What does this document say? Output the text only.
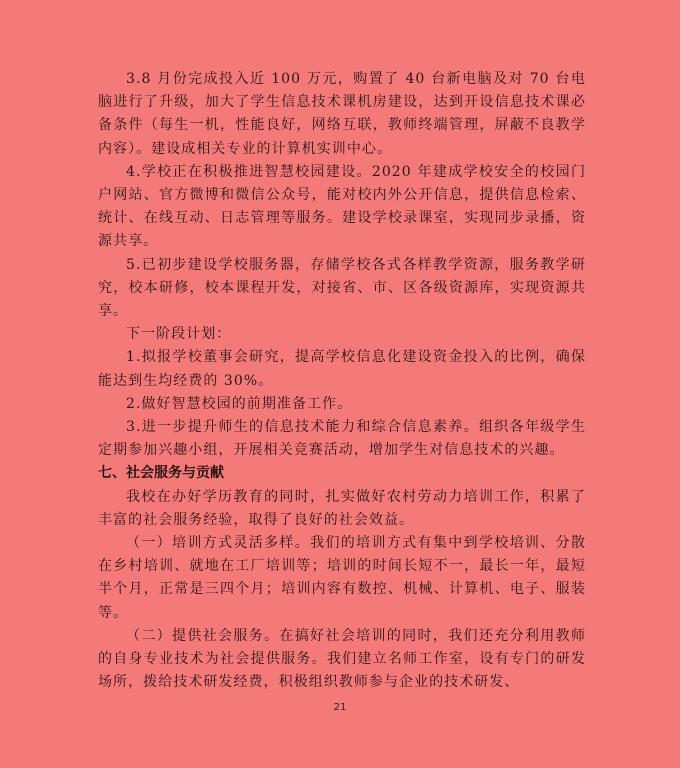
3.8 月份完成投入近 100 万元，购置了 40 台新电脑及对 70 台电脑进行了升级，加大了学生信息技术课机房建设，达到开设信息技术课必备条件（每生一机，性能良好，网络互联，教师终端管理，屏蔽不良教学内容）。建设成相关专业的计算机实训中心。

4.学校正在积极推进智慧校园建设。2020 年建成学校安全的校园门户网站、官方微博和微信公众号，能对校内外公开信息，提供信息检索、统计、在线互动、日志管理等服务。建设学校录课室，实现同步录播，资源共享。

5.已初步建设学校服务器，存储学校各式各样教学资源，服务教学研究，校本研修，校本课程开发，对接省、市、区各级资源库，实现资源共享。

下一阶段计划：

1.拟报学校董事会研究，提高学校信息化建设资金投入的比例，确保能达到生均经费的 30%。

2.做好智慧校园的前期准备工作。

3.进一步提升师生的信息技术能力和综合信息素养。组织各年级学生定期参加兴趣小组，开展相关竞赛活动，增加学生对信息技术的兴趣。

七、社会服务与贡献

我校在办好学历教育的同时，扎实做好农村劳动力培训工作，积累了丰富的社会服务经验，取得了良好的社会效益。

（一）培训方式灵活多样。我们的培训方式有集中到学校培训、分散在乡村培训、就地在工厂培训等；培训的时间长短不一，最长一年，最短半个月，正常是三四个月；培训内容有数控、机械、计算机、电子、服装等。

（二）提供社会服务。在搞好社会培训的同时，我们还充分利用教师的自身专业技术为社会提供服务。我们建立名师工作室，设有专门的研发场所，拨给技术研发经费，积极组织教师参与企业的技术研发、

21
